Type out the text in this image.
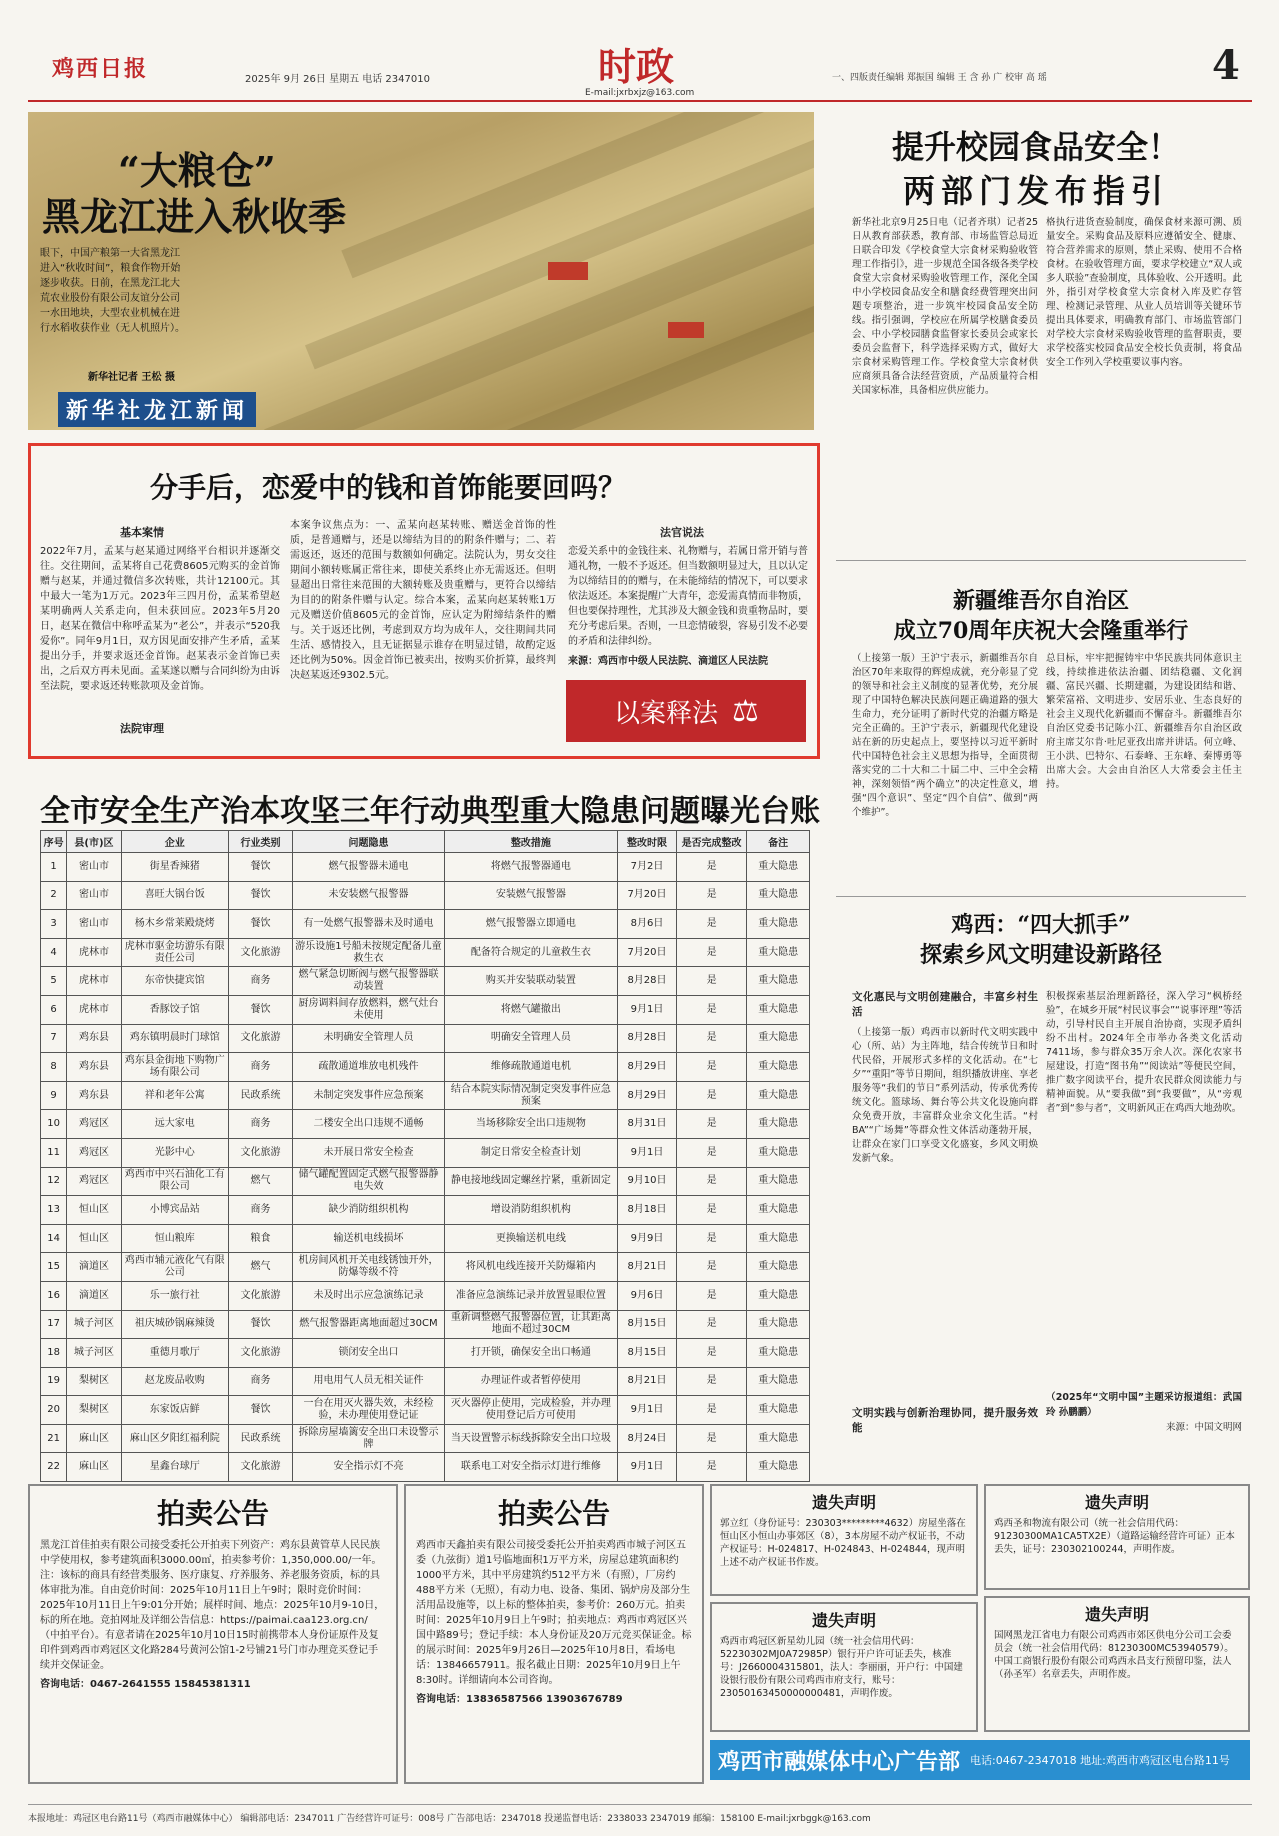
鸡西日报	2025年 9月 26日 星期五 电话 2347010	时政
E-mail:jxrbxjz@163.com
一、四版责任编辑 郑振国 编辑 王 含 孙 广 校审 高 瑶	4
“大粮仓”
黑龙江进入秋收季
眼下，中国产粮第一大省黑龙江进入“秋收时间”，粮食作物开始逐步收获。日前，在黑龙江北大荒农业股份有限公司友谊分公司一水田地块，大型农业机械在进行水稻收获作业（无人机照片）。
新华社记者 王松 摄
新华社龙江新闻
分手后，恋爱中的钱和首饰能要回吗？
基本案情
2022年7月，孟某与赵某通过网络平台相识并逐渐交往。交往期间，孟某将自己花费8605元购买的金首饰赠与赵某，并通过微信多次转账，共计12100元。其中最大一笔为1万元。2023年三四月份，孟某希望赵某明确两人关系走向，但未获回应。2023年5月20日，赵某在微信中称呼孟某为“老公”，并表示“520我爱你”。同年9月1日，双方因见面安排产生矛盾，孟某提出分手，并要求返还金首饰。赵某表示金首饰已卖出，之后双方再未见面。孟某遂以赠与合同纠纷为由诉至法院，要求返还转账款项及金首饰。
法院审理
本案争议焦点为：一、孟某向赵某转账、赠送金首饰的性质，是普通赠与，还是以缔结为目的的附条件赠与；二、若需返还，返还的范围与数额如何确定。法院认为，男女交往期间小额转账属正常往来，即使关系终止亦无需返还。但明显超出日常往来范围的大额转账及贵重赠与，更符合以缔结为目的的附条件赠与认定。综合本案，孟某向赵某转账1万元及赠送价值8605元的金首饰，应认定为附缔结条件的赠与。关于返还比例，考虑到双方均为成年人，交往期间共同生活、感情投入，且无证据显示谁存在明显过错，故酌定返还比例为50%。因金首饰已被卖出，按购买价折算，最终判决赵某返还9302.5元。
法官说法
恋爱关系中的金钱往来、礼物赠与，若属日常开销与普通礼物，一般不予返还。但当数额明显过大，且以认定为以缔结目的的赠与，在未能缔结的情况下，可以要求依法返还。本案提醒广大青年，恋爱需真情而非物质，但也要保持理性，尤其涉及大额金钱和贵重物品时，要充分考虑后果。否则，一旦恋情破裂，容易引发不必要的矛盾和法律纠纷。
来源：鸡西市中级人民法院、滴道区人民法院
以案释法 ⚖
全市安全生产治本攻坚三年行动典型重大隐患问题曝光台账
序号	县(市)区	企业	行业类别	问题隐患	整改措施	整改时限	是否完成整改	备注
1	密山市	街星香辣猪	餐饮	燃气报警器未通电	将燃气报警器通电	7月2日	是	重大隐患
2	密山市	喜旺大锅台饭	餐饮	未安装燃气报警器	安装燃气报警器	7月20日	是	重大隐患
3	密山市	杨木乡常莱殿烧烤	餐饮	有一处燃气报警器未及时通电	燃气报警器立即通电	8月6日	是	重大隐患
4	虎林市	虎林市驱金坊游乐有限责任公司	文化旅游	游乐设施1号船未按规定配备儿童救生衣	配备符合规定的儿童救生衣	7月20日	是	重大隐患
5	虎林市	东帝快捷宾馆	商务	燃气紧急切断阀与燃气报警器联动装置	购买并安装联动装置	8月28日	是	重大隐患
6	虎林市	香豚饺子馆	餐饮	厨房调料间存放燃料，燃气灶台未使用	将燃气罐撤出	9月1日	是	重大隐患
7	鸡东县	鸡东镇明晨时门球馆	文化旅游	未明确安全管理人员	明确安全管理人员	8月28日	是	重大隐患
8	鸡东县	鸡东县金街地下购物广场有限公司	商务	疏散通道堆放电机残件	维修疏散通道电机	8月29日	是	重大隐患
9	鸡东县	祥和老年公寓	民政系统	未制定突发事件应急预案	结合本院实际情况制定突发事件应急预案	8月29日	是	重大隐患
10	鸡冠区	远大家电	商务	二楼安全出口违规不通畅	当场移除安全出口违规物	8月31日	是	重大隐患
11	鸡冠区	光影中心	文化旅游	未开展日常安全检查	制定日常安全检查计划	9月1日	是	重大隐患
12	鸡冠区	鸡西市中兴石油化工有限公司	燃气	储气罐配置固定式燃气报警器静电失效	静电接地线固定螺丝拧紧，重新固定	9月10日	是	重大隐患
13	恒山区	小博宾品站	商务	缺少消防组织机构	增设消防组织机构	8月18日	是	重大隐患
14	恒山区	恒山粮库	粮食	输送机电线损坏	更换输送机电线	9月9日	是	重大隐患
15	滴道区	鸡西市辅元液化气有限公司	燃气	机房间风机开关电线锈蚀开外，防爆等级不符	将风机电线连接开关防爆箱内	8月21日	是	重大隐患
16	滴道区	乐一旅行社	文化旅游	未及时出示应急演练记录	准备应急演练记录并放置显眼位置	9月6日	是	重大隐患
17	城子河区	祖庆城砂锅麻辣烫	餐饮	燃气报警器距离地面超过30CM	重新调整燃气报警器位置，让其距离地面不超过30CM	8月15日	是	重大隐患
18	城子河区	重德月歌厅	文化旅游	锁闭安全出口	打开锁，确保安全出口畅通	8月15日	是	重大隐患
19	梨树区	赵龙废品收购	商务	用电用气人员无相关证件	办理证件或者暂停使用	8月21日	是	重大隐患
20	梨树区	东家饭店鲜	餐饮	一台在用灭火器失效，未经检验，未办理使用登记证	灭火器停止使用，完成检验，并办理使用登记后方可使用	9月1日	是	重大隐患
21	麻山区	麻山区夕阳红福利院	民政系统	拆除房屋墙篱安全出口未设警示牌	当天设置警示标线拆除安全出口垃圾	8月24日	是	重大隐患
22	麻山区	星鑫台球厅	文化旅游	安全指示灯不亮	联系电工对安全指示灯进行维修	9月1日	是	重大隐患
提升校园食品安全！
两部门发布指引
新华社北京9月25日电（记者齐琪）记者25日从教育部获悉，教育部、市场监管总局近日联合印发《学校食堂大宗食材采购验收管理工作指引》，进一步规范全国各级各类学校食堂大宗食材采购验收管理工作，深化全国中小学校园食品安全和膳食经费管理突出问题专项整治，进一步筑牢校园食品安全防线。指引强调，学校应在所属学校膳食委员会、中小学校园膳食监督家长委员会或家长委员会监督下，科学选择采购方式，做好大宗食材采购管理工作。学校食堂大宗食材供应商须具备合法经营资质，产品质量符合相关国家标准，具备相应供应能力。
格执行进货查验制度，确保食材来源可溯、质量安全。采购食品及原料应遵循安全、健康、符合营养需求的原则，禁止采购、使用不合格食材。在验收管理方面，要求学校建立“双人或多人联验”查验制度，具体验收、公开透明。此外，指引对学校食堂大宗食材入库及贮存管理、检测记录管理、从业人员培训等关键环节提出具体要求，明确教育部门、市场监管部门对学校大宗食材采购验收管理的监督职责，要求学校落实校园食品安全校长负责制，将食品安全工作列入学校重要议事内容。
新疆维吾尔自治区
成立70周年庆祝大会隆重举行
（上接第一版）王沪宁表示，新疆维吾尔自治区70年来取得的辉煌成就，充分彰显了党的领导和社会主义制度的显著优势，充分展现了中国特色解决民族问题正确道路的强大生命力，充分证明了新时代党的治疆方略是完全正确的。王沪宁表示，新疆现代化建设站在新的历史起点上，要坚持以习近平新时代中国特色社会主义思想为指导，全面贯彻落实党的二十大和二十届二中、三中全会精神，深刻领悟“两个确立”的决定性意义，增强“四个意识”、坚定“四个自信”、做到“两个维护”。
总目标，牢牢把握铸牢中华民族共同体意识主线，持续推进依法治疆、团结稳疆、文化润疆、富民兴疆、长期建疆，为建设团结和谐、繁荣富裕、文明进步、安居乐业、生态良好的社会主义现代化新疆而不懈奋斗。新疆维吾尔自治区党委书记陈小江、新疆维吾尔自治区政府主席艾尔肯·吐尼亚孜出席并讲话。何立峰、王小洪、巴特尔、石泰峰、王东峰、秦博勇等出席大会。大会由自治区人大常委会主任主持。
鸡西：“四大抓手”
探索乡风文明建设新路径
文化惠民与文明创建融合，丰富乡村生活
（上接第一版）鸡西市以新时代文明实践中心（所、站）为主阵地，结合传统节日和时代民俗，开展形式多样的文化活动。在“七夕”“重阳”等节日期间，组织播放讲座、享老服务等“我们的节日”系列活动，传承优秀传统文化。篮球场、舞台等公共文化设施向群众免费开放，丰富群众业余文化生活。“村BA”“广场舞”等群众性文体活动蓬勃开展，让群众在家门口享受文化盛宴，乡风文明焕发新气象。
文明实践与创新治理协同，提升服务效能
积极探索基层治理新路径，深入学习“枫桥经验”，在城乡开展“村民议事会”“说事评理”等活动，引导村民自主开展自治协商，实现矛盾纠纷不出村。2024年全市举办各类文化活动7411场，参与群众35万余人次。深化农家书屋建设，打造“图书角”“阅读站”等便民空间，推广数字阅读平台，提升农民群众阅读能力与精神面貌。从“要我做”到“我要做”，从“旁观者”到“参与者”，文明新风正在鸡西大地劲吹。
（2025年“文明中国”主题采访报道组：武国玲 孙鹏鹏）
来源：中国文明网
拍卖公告
黑龙江首佳拍卖有限公司接受委托公开拍卖下列资产：鸡东县黄管草人民民族中学使用权，参考建筑面积3000.00㎡，拍卖参考价：1,350,000.00/一年。注：该标的商具有经营类服务、医疗康复、疗养服务、养老服务资质，标的具体审批为准。自由竞价时间：2025年10月11日上午9时；限时竞价时间：2025年10月11日上午9:01分开始；展样时间、地点：2025年10月9-10日，标的所在地。竞拍网址及详细公告信息：https://paimai.caa123.org.cn/（中拍平台）。有意者请在2025年10月10日15时前携带本人身份证原件及复印件到鸡西市鸡冠区文化路284号黄河公馆1-2号铺21号门市办理竞买登记手续并交保证金。
咨询电话：0467-2641555 15845381311
拍卖公告
鸡西市天鑫拍卖有限公司接受委托公开拍卖鸡西市城子河区五委（九弦街）道1号临地面积1万平方米，房屋总建筑面积约1000平方米，其中平房建筑约512平方米（有照），厂房约488平方米（无照），有动力电、设备、集团、锅炉房及部分生活用品设施等，以上标的整体拍卖，参考价：260万元。拍卖时间：2025年10月9日上午9时；拍卖地点：鸡西市鸡冠区兴国中路89号；登记手续：本人身份证及20万元竞买保证金。标的展示时间：2025年9月26日—2025年10月8日，看场电话：13846657911。报名截止日期：2025年10月9日上午8:30时。详细请向本公司咨询。
咨询电话：13836587566 13903676789
遗失声明
郭立红（身份证号：230303*********4632）房屋坐落在恒山区小恒山办事郊区（8），3本房屋不动产权证书，不动产权证号：H-024817、H-024843、H-024844，现声明上述不动产权证书作废。
遗失声明
鸡西市鸡冠区新星幼儿园（统一社会信用代码：52230302MJ0A72985P）银行开户许可证丢失，核准号：J2660004315801，法人：李丽丽，开户行：中国建设银行股份有限公司鸡西市府支行，账号：23050163450000000481，声明作废。
遗失声明
鸡西圣和物流有限公司（统一社会信用代码：91230300MA1CA5TX2E）（道路运输经营许可证）正本丢失，证号：230302100244，声明作废。
遗失声明
国网黑龙江省电力有限公司鸡西市郊区供电分公司工会委员会（统一社会信用代码：81230300MC53940579）。中国工商银行股份有限公司鸡西永昌支行预留印鉴，法人（孙圣军）名章丢失，声明作废。
鸡西市融媒体中心广告部 电话:0467-2347018 地址:鸡西市鸡冠区电台路11号
本报地址：鸡冠区电台路11号（鸡西市融媒体中心） 编辑部电话：2347011 广告经营许可证号：008号 广告部电话：2347018 投递监督电话：2338033 2347019 邮编：158100 E-mail:jxrbggk@163.com
